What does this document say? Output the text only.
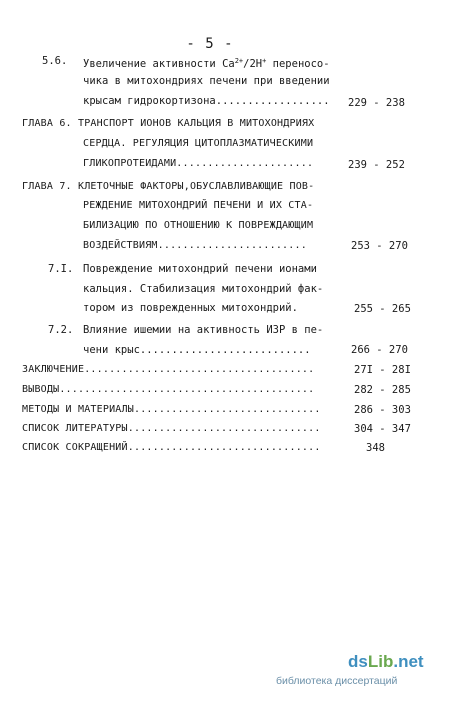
- 5 -
5.6. Увеличение активности $Ca^{2+}/2H^+$ переносо-
чика в митохондриях печени при введении
крысам гидрокортизона.................. 229 - 238
ГЛАВА 6. ТРАНСПОРТ ИОНОВ КАЛЬЦИЯ В МИТОХОНДРИЯХ
СЕРДЦА. РЕГУЛЯЦИЯ ЦИТОПЛАЗМАТИЧЕСКИМИ
ГЛИКОПРОТЕИДАМИ......................	239 - 252
ГЛАВА 7. КЛЕТОЧНЫЕ ФАКТОРЫ,ОБУСЛАВЛИВАЮЩИЕ ПОВ-
РЕЖДЕНИЕ МИТОХОНДРИЙ ПЕЧЕНИ И ИХ СТА-
БИЛИЗАЦИЮ ПО ОТНОШЕНИЮ К ПОВРЕЖДАЮЩИМ
ВОЗДЕЙСТВИЯМ........................	253 - 270
7.I. Повреждение митохондрий печени ионами
кальция. Стабилизация митохондрий фак-
тором из поврежденных митохондрий.	255 - 265
7.2. Влияние ишемии на активность ИЗР в пе-
чени крыс...........................	266 - 270
ЗАКЛЮЧЕНИЕ.....................................	27I - 28I
ВЫВОДЫ.........................................	282 - 285
МЕТОДЫ И МАТЕРИАЛЫ..............................	286 - 303
СПИСОК ЛИТЕРАТУРЫ...............................	304 - 347
СПИСОК СОКРАЩЕНИЙ...............................	348
dsLib.net
библиотека диссертаций
